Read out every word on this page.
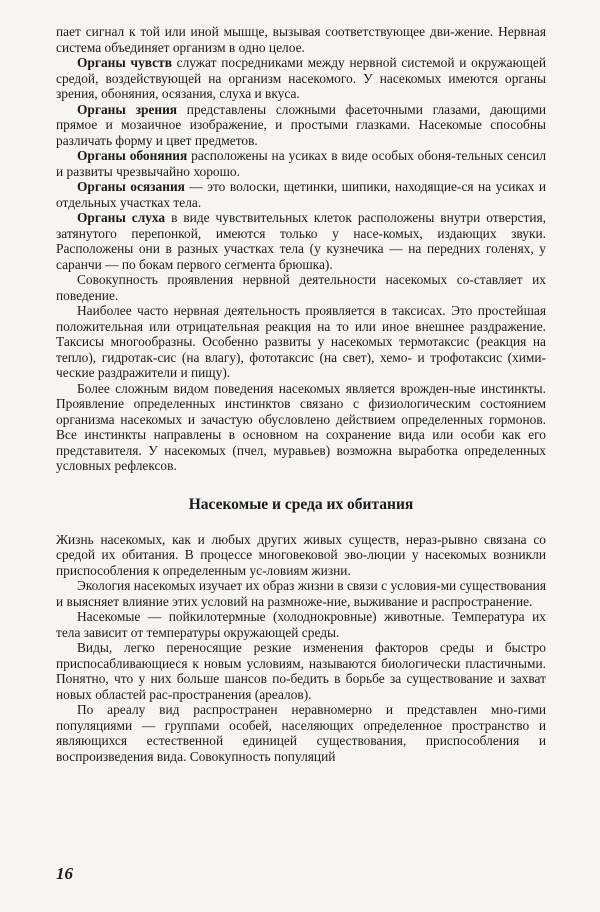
пает сигнал к той или иной мышце, вызывая соответствующее дви-жение. Нервная система объединяет организм в одно целое.

Органы чувств служат посредниками между нервной системой и окружающей средой, воздействующей на организм насекомого. У насекомых имеются органы зрения, обоняния, осязания, слуха и вкуса.

Органы зрения представлены сложными фасеточными глазами, дающими прямое и мозаичное изображение, и простыми глазками. Насекомые способны различать форму и цвет предметов.

Органы обоняния расположены на усиках в виде особых обоня-тельных сенсил и развиты чрезвычайно хорошо.

Органы осязания — это волоски, щетинки, шипики, находящие-ся на усиках и отдельных участках тела.

Органы слуха в виде чувствительных клеток расположены внутри отверстия, затянутого перепонкой, имеются только у насе-комых, издающих звуки. Расположены они в разных участках тела (у кузнечика — на передних голенях, у саранчи — по бокам первого сегмента брюшка).

Совокупность проявления нервной деятельности насекомых со-ставляет их поведение.

Наиболее часто нервная деятельность проявляется в таксисах. Это простейшая положительная или отрицательная реакция на то или иное внешнее раздражение. Таксисы многообразны. Особенно развиты у насекомых термотаксис (реакция на тепло), гидротак-сис (на влагу), фототаксис (на свет), хемо- и трофотаксис (хими-ческие раздражители и пищу).

Более сложным видом поведения насекомых является врожден-ные инстинкты. Проявление определенных инстинктов связано с физиологическим состоянием организма насекомых и зачастую обусловлено действием определенных гормонов. Все инстинкты направлены в основном на сохранение вида или особи как его представителя. У насекомых (пчел, муравьев) возможна выработка определенных условных рефлексов.

Насекомые и среда их обитания

Жизнь насекомых, как и любых других живых существ, нераз-рывно связана со средой их обитания. В процессе многовековой эво-люции у насекомых возникли приспособления к определенным ус-ловиям жизни.

Экология насекомых изучает их образ жизни в связи с условия-ми существования и выясняет влияние этих условий на размноже-ние, выживание и распространение.

Насекомые — пойкилотермные (холоднокровные) животные. Температура их тела зависит от температуры окружающей среды.

Виды, легко переносящие резкие изменения факторов среды и быстро приспосабливающиеся к новым условиям, называются биологически пластичными. Понятно, что у них больше шансов по-бедить в борьбе за существование и захват новых областей рас-пространения (ареалов).

По ареалу вид распространен неравномерно и представлен мно-гими популяциями — группами особей, населяющих определенное пространство и являющихся естественной единицей существования, приспособления и воспроизведения вида. Совокупность популяций

16
